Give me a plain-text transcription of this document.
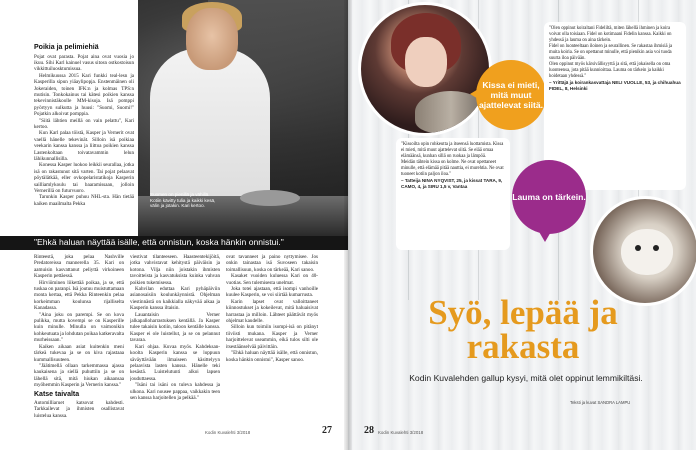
Poikia ja pelimiehiä

Pojat ovat parasta. Pojat aina ovat vuosia jo ikuu. Sihi Karl kainuel vasus sitosn ostkostoisun vikkittuiluosktumissua.

Helmikuussa 2015 Kari funkki teal-lesn ja Kasperilla sipun yiäaylipopja. Enstenmäinen oli Jokeraiden, toinen IFK:n ja kolmas TPS:n mutisin. Tonkokainus tai kätesi poikien kanssa tekevinnistäkoolle MM-kisoja. Isä pomppi pyörtyyn sulkutta ja huusi: "Suomi, Suomi!" Pojatkin alkoivat pomppia.

"Siitä lähtien meillä on vain pelattu", Kari kertoo.

Kun Karl palaa töistä, Kasper ja Vernerit ovat vaellä hänelle tekevinät. Silloin isä poikiaa veekarin kanssa kanssa ja liittoa poikien kanssa Lastenkoltaan toivatavammin lelun lähikunnallisilla.

Konessa Kasper luokoo leikkii seurallaa, jotka isä on rakastunut sitä varten. Tai pojat pelaavat pöytälätkää, eller ovkopelaristatikoja Kasperin sailliamlykoulu tai baaramissaan, jolloin Vernerillä on futurvuoro.

Tarunkin Kasper puhuu NHL-sta. Hän tietää kaiken maailmalta Pekka

Suomen on pienillä ja vähillä. Kotiin kävitty tulia ja kaikki kesä, välin ja jotakin. Kari kertoo.
"Ehkä haluan näyttää isälle, että onnistun, koska hänkin onnistui."

Rinteestä, joka pelaa Nashville Predatoreissa mannerella 35. Kari on aamuisin kasvattanut peliyttä virkoineen Kasperin pettäessä.

Hirviöminen liikettää poikaa, ja se, että tuskaa on paranpi. Isä joutuu muistuttamaan monta kertaa, että Pekka Rinteenkin pelaa korkeimman koulunsa rijalliselta Kanadassa.

"Aina joku on parempi. Se on kova pulikka, mutta kovempi se on Kasperille kuin minulle. Minulla on vaimonikin kohkeutuata ja lohdutan poikaa katkeravalta murheissaan."

Kaiken aikaan asiat kuitenkin meni tärkeä tukevaa ja se on kiva rajastaaa kummallisuuteen.

"Jäätimellä ollaan tarkemmassa ajassa kaukaisena ja siellä puhuttiin ja se on lähellä sitä, mitä hiukan aikaansaa myöhemmin Kasperin ja Vernerin kanssa."

Katse taivalta

Automilliaruet katsovat kahdesti. Tarkkailevat ja ihmisten osallistavat luistelua kanssa.

viestivat tilanteeseen. Haasteentekijöitä, jotka vahvistavat kehitystä päiväisin ja kotona. Vilja niin joistakin ihmisten tavoitteista ja kasvatuksista kuinka vahvan poikien tukemisessa.

Kahvilan eduttaa Kari pyhäpäiviin asianosaisiin koulunkäynnistä. Ohjelman viestinnästä on kaikkialla näkyvää aikaa ja Kasperin kanssa iltaisin.

Lauantaisin Verner jalkapalloharrastuksen kentällä. Ja Kasper tulee takaisin kotiin, taloon kentälle kanssa. Kasper ei ole luistellut, ja se on pelannut tavaraa.

Kari ohjaa. Kuvaa myös. Kahdeksan-koolta Kasperin kanssa se loppuun säväyttävään ilmaiseen käsittelyyn pelaavista lasten kanssa. Hänelle teki kesästä. Luistelutunti alkoi lapsen jouduttaessa.

"Isäni tai isäni on tuleva kahdessa ja ulkona. Kari nousee pappaa, vaikkakin teen sen kanssa harjoitellen ja pelkää."

ovat tavanneet ja paino nyttymisee. Jos onkin tainastaa isä Suvoseen takaisin toimallisuun, koska on tärkeää, Kari sanoo.

Kasaket vuoiden kuluessa Kari on 40-vuotias. Sen tulemisesta unelmat.

Joka totei ajastaan, että isompi vanhoille kuulee Kasperin, se voi siirtää kumarrusta.

Karin lapset ovat valloittaneet kiinnostukset ja kokeilevat, mitä haluaisivat harrastaa ja milloin. Lähteet päättävät myös ohjelmat kaudelle.

Silloin kun toimiin isompi-isä on pitänyt tiiviisti mukana. Kasper ja Verner harjoittelevat useammin, eikä tulos silti ole itsestäänselvää päivittäin.

"Ehkä haluan näyttää isälle, että onnistun, koska hänkin onnistui", Kasper sanoo.

Kodin Kuvalehti 3/2018	27
Kissa ei mieti, mitä muut ajattelevat siitä.

"Olen oppinut koiraltani Fideliltä, miten lähellä ihminen ja koira voivat olla toisiaan. Fidel on kotimaani Fidelin kanssa. Kaikki on yhdessä ja lauma on aina tärkein.

Fidel on luonteeltaan iloinen ja seurallinen. Se rakastaa ihmisiä ja muita koiria. Se on opettanut minulle, että pienikin asia voi tuoda suurta iloa päivään.

Olen oppinut myös kärsivällisyyttä ja sitä, että jokaisella on oma luonteensa, jota pitää kunnioittaa. Lauma on tärkein ja kaikki hoidetaan yhdessä."

– Yrittäjä ja koirankasvattaja NELI VUOLLE, 53, ja chihuahua FIDEL, 8, Helsinki

"Kissoilta opin rohkeutta ja itseensä luottamista. Kissa ei mieti, mitä muut ajattelevat siitä. Se elää omaa elämäänsä, kunhan sillä on ruokaa ja lämpöä.

Meidän tähtein kissa on kolme. Ne ovat opettaneet minulle, että elämää pitää nauttia, ei murehtia. Ne ovat tuoneet kotiin paljon iloa."

– Tatteija NINA NYQVIST, 25, ja kissat TARA, 9, CAMO, 4, ja SIRU 1,5 v, Vantaa

Lauma on tärkein.
Syö, lepää ja rakasta
Kodin Kuvalehden gallup kysyi, mitä olet oppinut lemmikiltäsi.
Teksti ja kuvat SANDRA LAMPU
28 Kodin Kuvalehti 3/2018
